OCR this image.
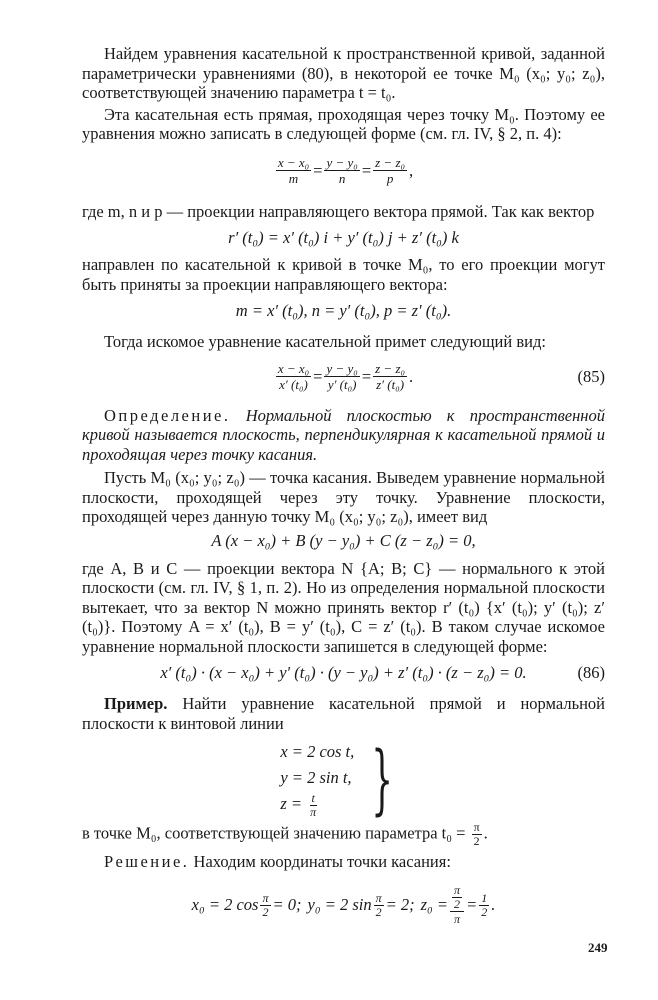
Найдем уравнения касательной к пространственной кривой, заданной параметрически уравнениями (80), в некоторой ее точке M₀ (x₀; y₀; z₀), соответствующей значению параметра t = t₀.

Эта касательная есть прямая, проходящая через точку M₀. Поэтому ее уравнения можно записать в следующей форме (см. гл. IV, § 2, п. 4):

$\frac{\text{x − x₀}}{m} = \frac{\text{y − y₀}}{n} = \frac{\text{z − z₀}}{p}$ ,

где m, n и p — проекции направляющего вектора прямой. Так как вектор

r′ (t₀) = x′ (t₀) i + y′ (t₀) j + z′ (t₀) k

направлен по касательной к кривой в точке M₀, то его проекции могут быть приняты за проекции направляющего вектора:

m = x′ (t₀), n = y′ (t₀), p = z′ (t₀).

Тогда искомое уравнение касательной примет следующий вид:

$\frac{\text{x − x₀}}{\text{x′ (t₀)}} = \frac{\text{y − y₀}}{\text{y′ (t₀)}} = \frac{\text{z − z₀}}{\text{z′ (t₀)}}$ .	(85)

Определение. Нормальной плоскостью к пространственной кривой называется плоскость, перпендикулярная к касательной прямой и проходящая через точку касания.

Пусть M₀ (x₀; y₀; z₀) — точка касания. Выведем уравнение нормальной плоскости, проходящей через эту точку. Уравнение плоскости, проходящей через данную точку M₀ (x₀; y₀; z₀), имеет вид

A (x − x₀) + B (y − y₀) + C (z − z₀) = 0,

где A, B и C — проекции вектора N {A; B; C} — нормального к этой плоскости (см. гл. IV, § 1, п. 2). Но из определения нормальной плоскости вытекает, что за вектор N можно принять вектор r′ (t₀) {x′ (t₀); y′ (t₀); z′ (t₀)}. Поэтому A = x′ (t₀), B = y′ (t₀), C = z′ (t₀). В таком случае искомое уравнение нормальной плоскости запишется в следующей форме:

x′ (t₀) · (x − x₀) + y′ (t₀) · (y − y₀) + z′ (t₀) · (z − z₀) = 0.	(86)

Пример. Найти уравнение касательной прямой и нормальной плоскости к винтовой линии

x = 2 cos t,
y = 2 sin t,
$z = \frac{t}{\pi}$ }

в точке M₀, соответствующей значению параметра $t_0 = \frac{\pi}{2}$ .

Решение. Находим координаты точки касания:

x₀ = 2 $\cos \frac{\pi}{2} = 0$; y₀ = 2 $\sin \frac{\pi}{2} = 2$; $z_0 = \frac{\frac{\pi}{2}}{\pi} = \frac{1}{2}$ .
249
